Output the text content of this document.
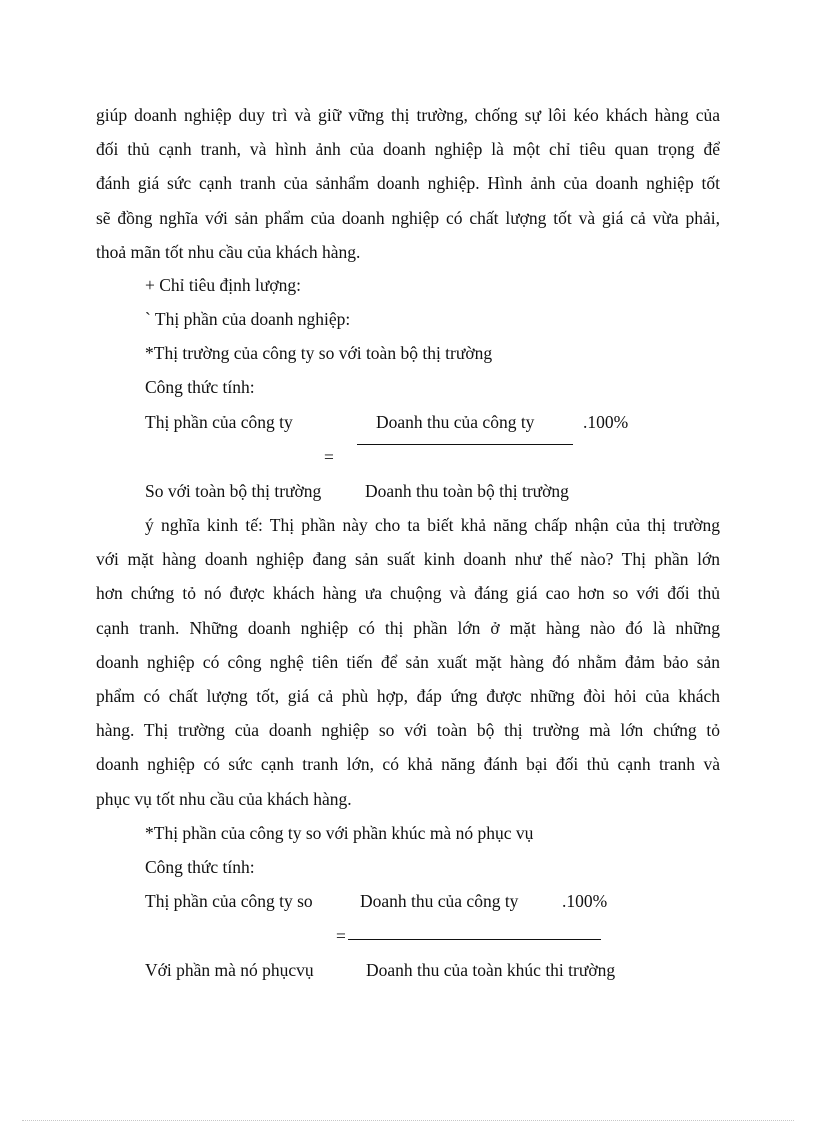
giúp doanh nghiệp duy trì và giữ vững thị trường, chống sự lôi kéo khách hàng của
đối thủ cạnh tranh, và hình ảnh của doanh nghiệp là một chỉ tiêu quan trọng để
đánh giá sức cạnh tranh của sảnhẩm doanh nghiệp. Hình ảnh của doanh nghiệp tốt
sẽ đồng nghĩa với sản phẩm của doanh nghiệp có chất lượng tốt và giá cả vừa phải,
thoả mãn tốt nhu cầu của khách hàng.
+ Chỉ tiêu định lượng:
` Thị phần của doanh nghiệp:
*Thị trường của công ty so với toàn bộ thị trường
Công thức tính:
Thị phần của công ty	Doanh thu của công ty	.100%
=
So với toàn bộ thị trường Doanh thu toàn bộ thị trường
ý nghĩa kinh tế: Thị phần này cho ta biết khả năng chấp nhận của thị trường
với mặt hàng doanh nghiệp đang sản suất kinh doanh như thế nào? Thị phần lớn
hơn chứng tỏ nó được khách hàng ưa chuộng và đáng giá cao hơn so với đối thủ
cạnh tranh. Những doanh nghiệp có thị phần lớn ở mặt hàng nào đó là những
doanh nghiệp có công nghệ tiên tiến để sản xuất mặt hàng đó nhằm đảm bảo sản
phẩm có chất lượng tốt, giá cả phù hợp, đáp ứng được những đòi hỏi của khách
hàng. Thị trường của doanh nghiệp so với toàn bộ thị trường mà lớn chứng tỏ
doanh nghiệp có sức cạnh tranh lớn, có khả năng đánh bại đối thủ cạnh tranh và
phục vụ tốt nhu cầu của khách hàng.
*Thị phần của công ty so với phần khúc mà nó phục vụ
Công thức tính:
Thị phần của công ty so	Doanh thu của công ty .100%
=
Với phần mà nó phụcvụ	Doanh thu của toàn khúc thi trường
